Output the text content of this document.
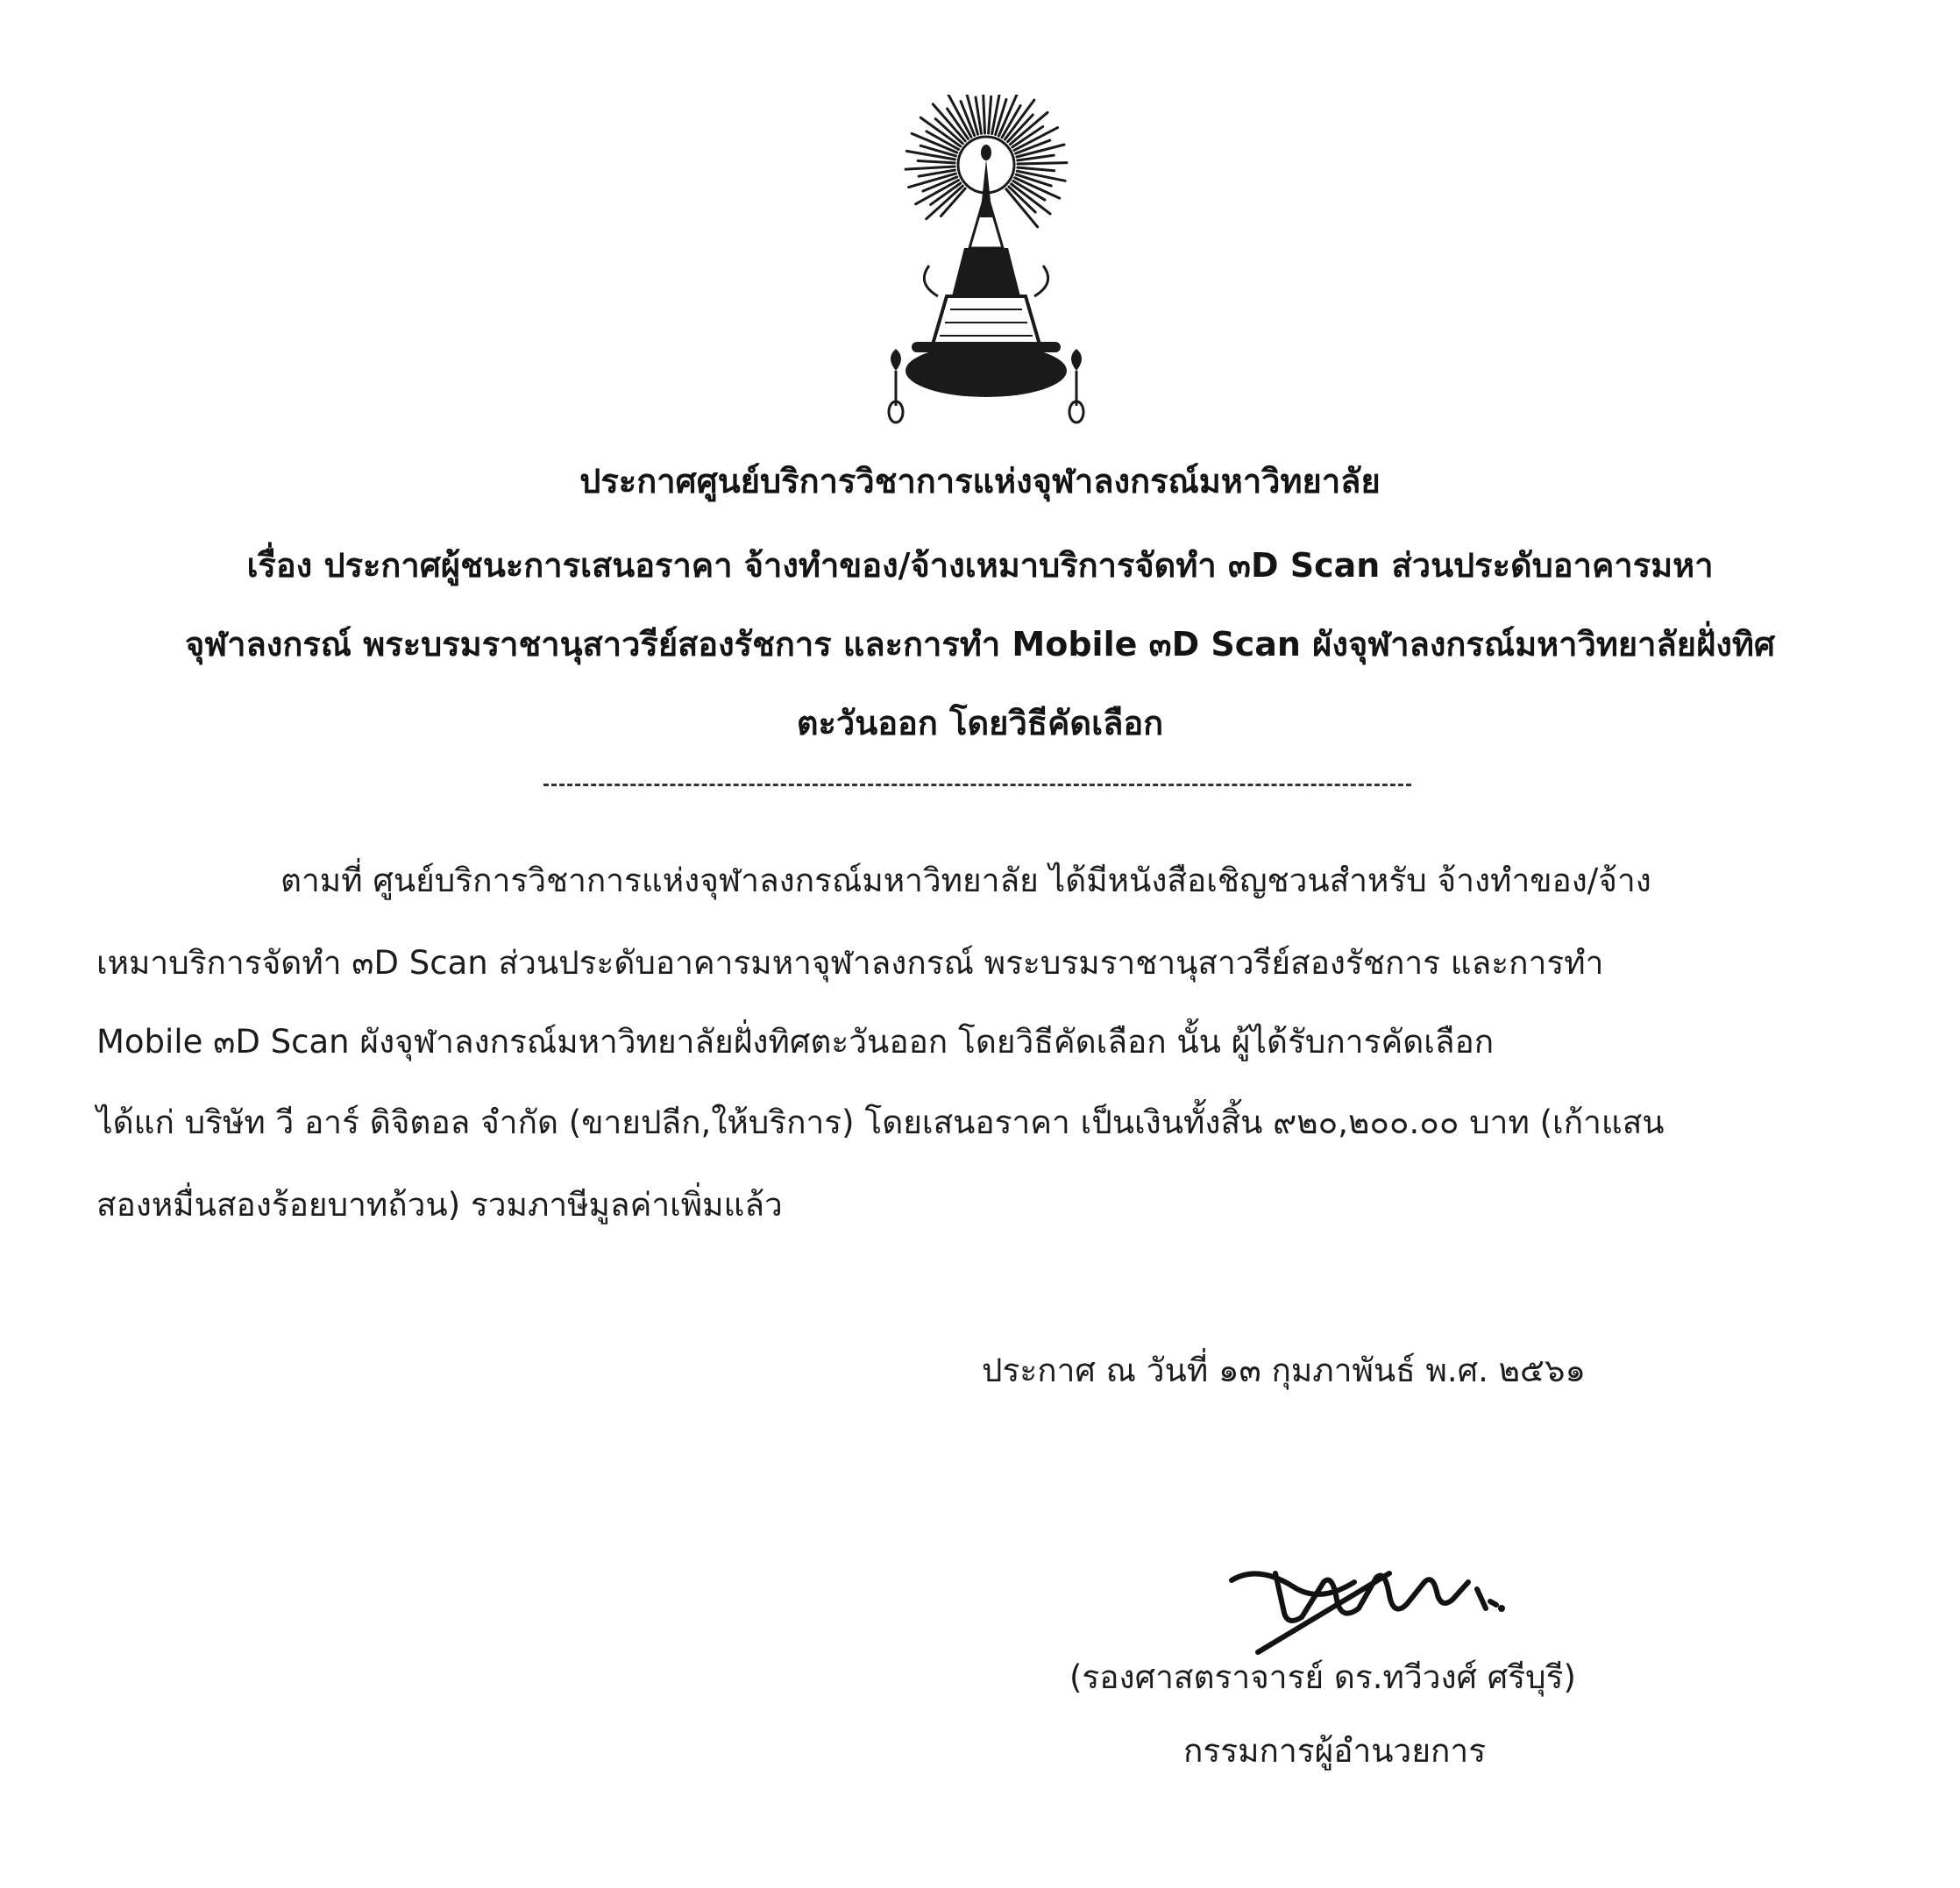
ประกาศศูนย์บริการวิชาการแห่งจุฬาลงกรณ์มหาวิทยาลัย
เรื่อง ประกาศผู้ชนะการเสนอราคา จ้างทำของ/จ้างเหมาบริการจัดทำ ๓D Scan ส่วนประดับอาคารมหา
จุฬาลงกรณ์ พระบรมราชานุสาวรีย์สองรัชการ และการทำ Mobile ๓D Scan ผังจุฬาลงกรณ์มหาวิทยาลัยฝั่งทิศ
ตะวันออก โดยวิธีคัดเลือก
ตามที่ ศูนย์บริการวิชาการแห่งจุฬาลงกรณ์มหาวิทยาลัย ได้มีหนังสือเชิญชวนสำหรับ จ้างทำของ/จ้าง
เหมาบริการจัดทำ ๓D Scan ส่วนประดับอาคารมหาจุฬาลงกรณ์ พระบรมราชานุสาวรีย์สองรัชการ และการทำ
Mobile ๓D Scan ผังจุฬาลงกรณ์มหาวิทยาลัยฝั่งทิศตะวันออก โดยวิธีคัดเลือก นั้น ผู้ได้รับการคัดเลือก
ได้แก่ บริษัท วี อาร์ ดิจิตอล จำกัด (ขายปลีก,ให้บริการ) โดยเสนอราคา เป็นเงินทั้งสิ้น ๙๒๐,๒๐๐.๐๐ บาท (เก้าแสน
สองหมื่นสองร้อยบาทถ้วน) รวมภาษีมูลค่าเพิ่มแล้ว
ประกาศ ณ วันที่ ๑๓ กุมภาพันธ์ พ.ศ. ๒๕๖๑
(รองศาสตราจารย์ ดร.ทวีวงศ์ ศรีบุรี)
กรรมการผู้อำนวยการ
